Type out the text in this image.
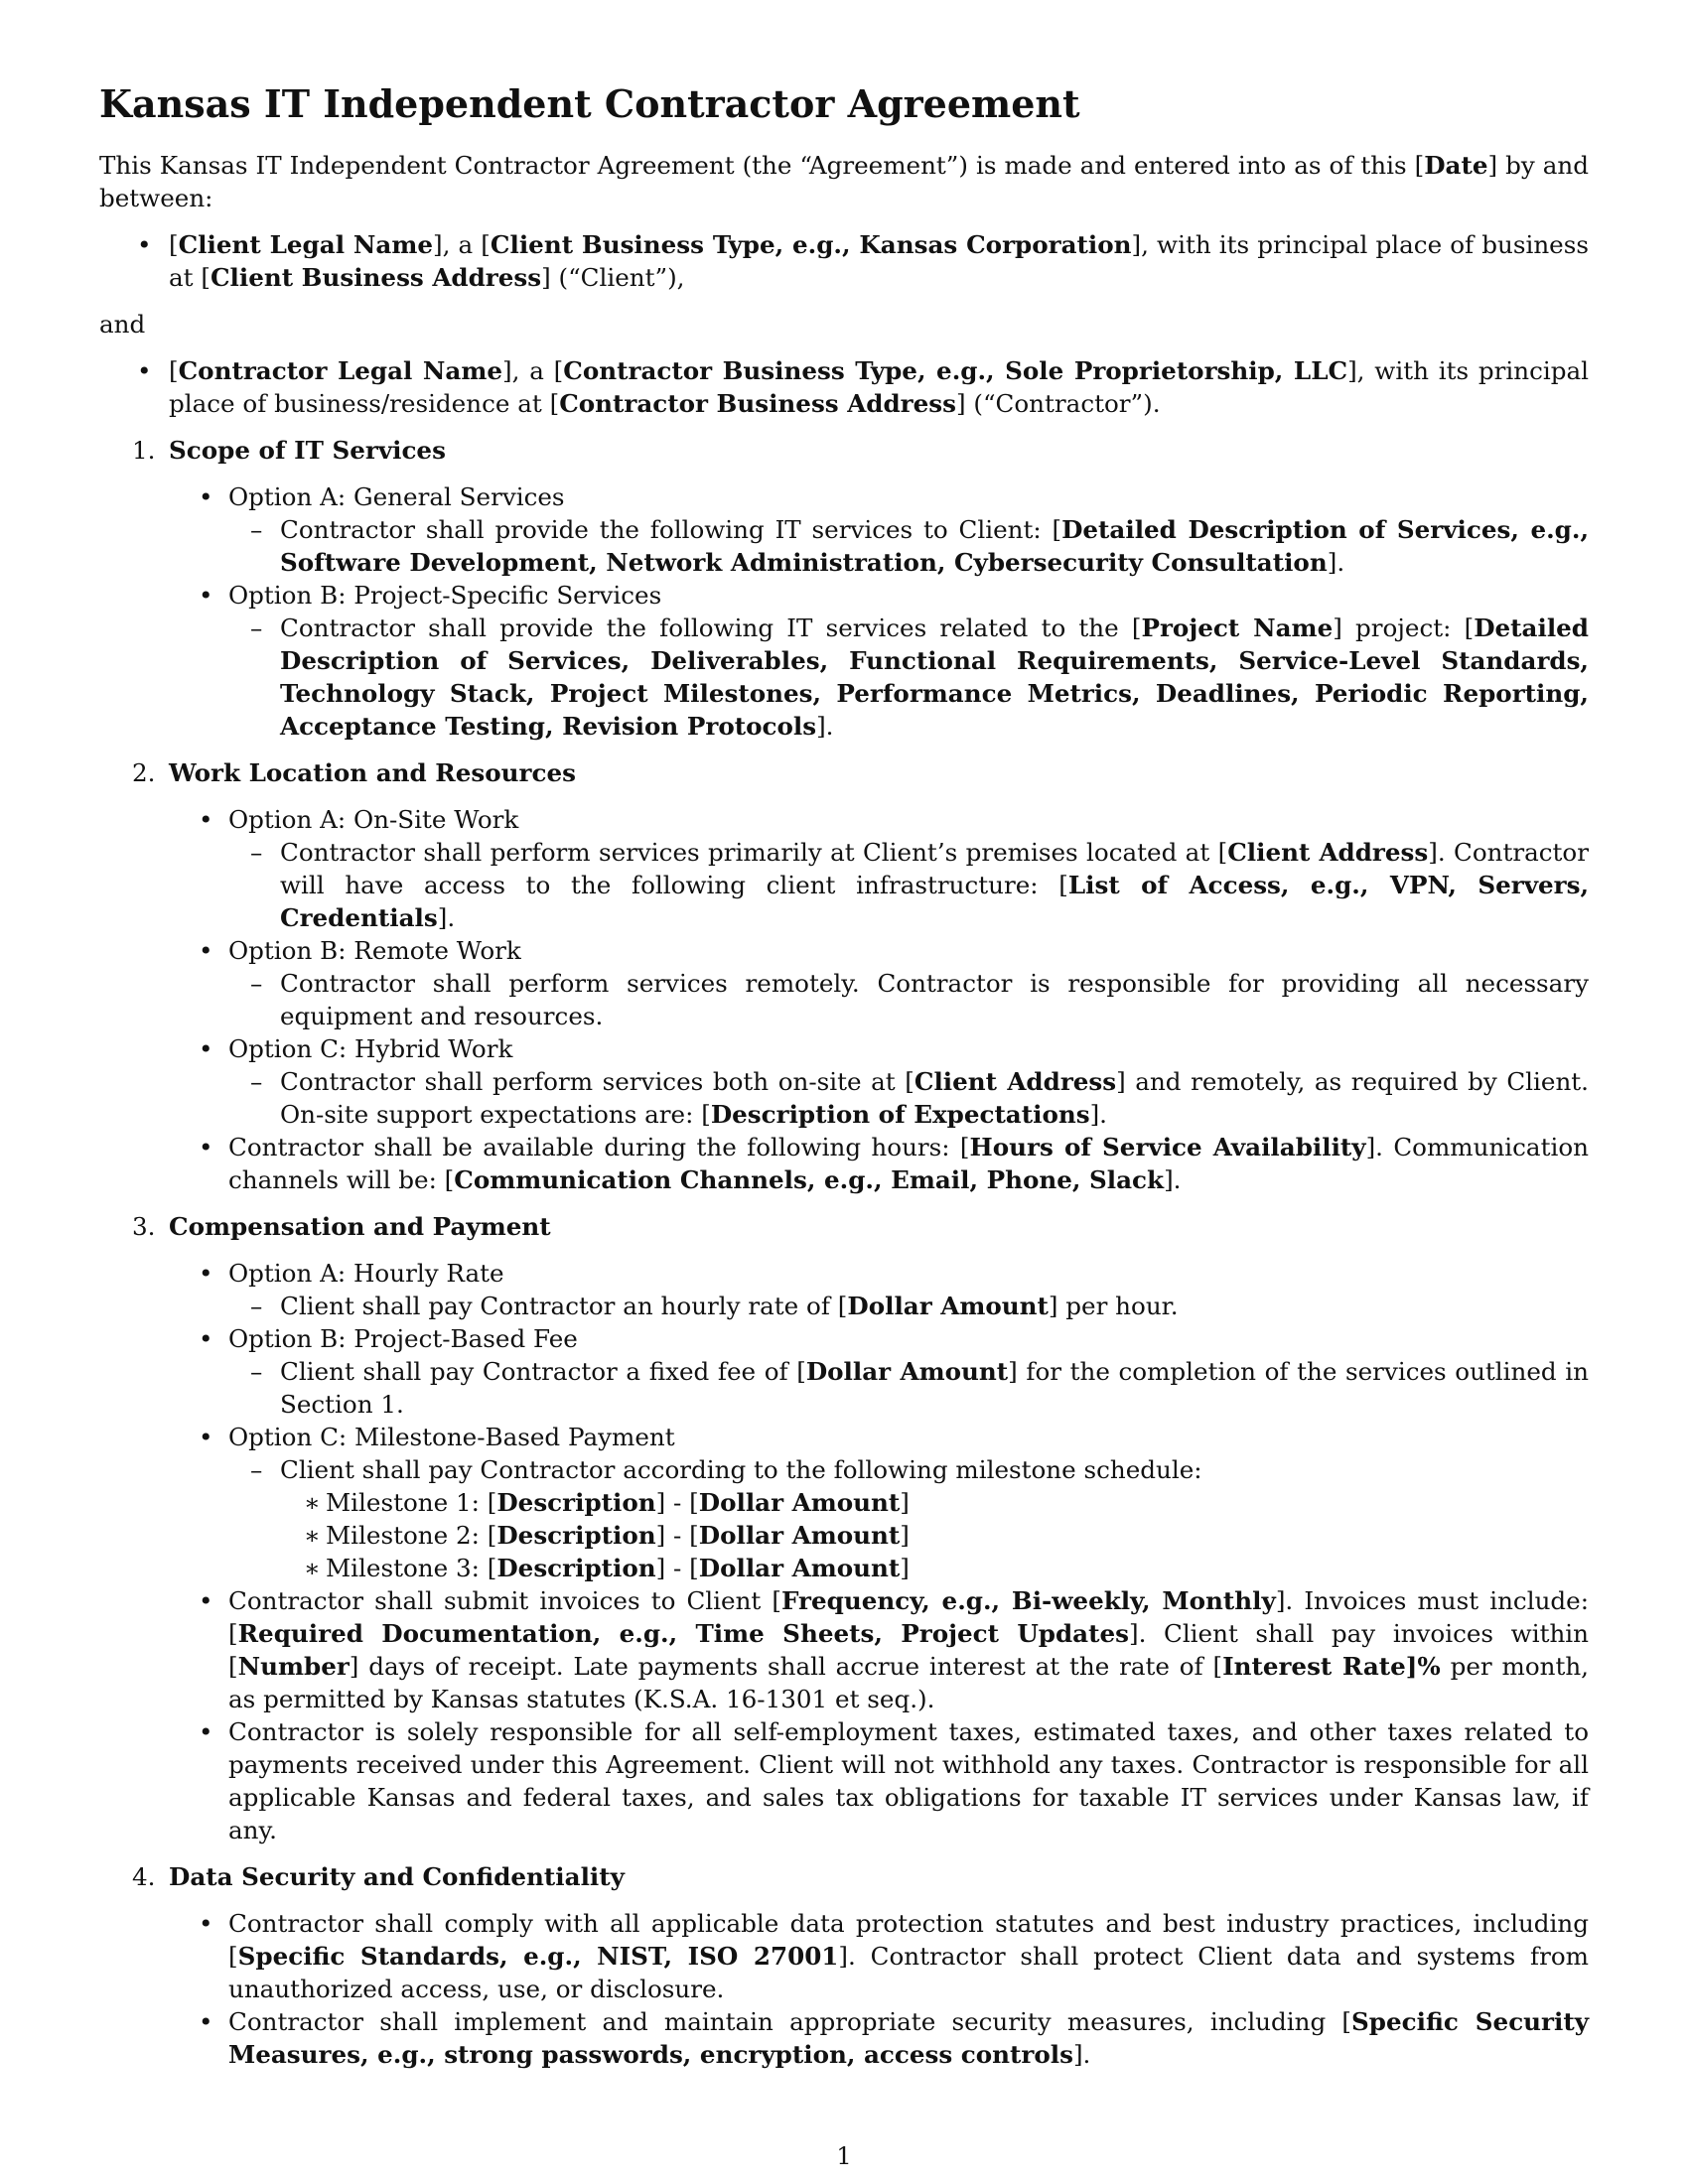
Kansas IT Independent Contractor Agreement

This Kansas IT Independent Contractor Agreement (the “Agreement”) is made and entered into as of this [Date] by and between:

• [Client Legal Name], a [Client Business Type, e.g., Kansas Corporation], with its principal place of business at [Client Business Address] (“Client”),

and

• [Contractor Legal Name], a [Contractor Business Type, e.g., Sole Proprietorship, LLC], with its principal place of business/residence at [Contractor Business Address] (“Contractor”).
1. Scope of IT Services
• Option A: General Services
– Contractor shall provide the following IT services to Client: [Detailed Description of Services, e.g., Software Development, Network Administration, Cybersecurity Consultation].
• Option B: Project-Specific Services
– Contractor shall provide the following IT services related to the [Project Name] project: [Detailed Description of Services, Deliverables, Functional Requirements, Service-Level Standards, Technology Stack, Project Milestones, Performance Metrics, Deadlines, Periodic Reporting, Acceptance Testing, Revision Protocols].
2. Work Location and Resources
• Option A: On-Site Work
– Contractor shall perform services primarily at Client’s premises located at [Client Address]. Contractor will have access to the following client infrastructure: [List of Access, e.g., VPN, Servers, Credentials].
• Option B: Remote Work
– Contractor shall perform services remotely. Contractor is responsible for providing all necessary equipment and resources.
• Option C: Hybrid Work
– Contractor shall perform services both on-site at [Client Address] and remotely, as required by Client. On-site support expectations are: [Description of Expectations].
• Contractor shall be available during the following hours: [Hours of Service Availability]. Communication channels will be: [Communication Channels, e.g., Email, Phone, Slack].
3. Compensation and Payment
• Option A: Hourly Rate
– Client shall pay Contractor an hourly rate of [Dollar Amount] per hour.
• Option B: Project-Based Fee
– Client shall pay Contractor a fixed fee of [Dollar Amount] for the completion of the services outlined in Section 1.
• Option C: Milestone-Based Payment
– Client shall pay Contractor according to the following milestone schedule:
∗ Milestone 1: [Description] - [Dollar Amount]
∗ Milestone 2: [Description] - [Dollar Amount]
∗ Milestone 3: [Description] - [Dollar Amount]
• Contractor shall submit invoices to Client [Frequency, e.g., Bi-weekly, Monthly]. Invoices must include: [Required Documentation, e.g., Time Sheets, Project Updates]. Client shall pay invoices within [Number] days of receipt. Late payments shall accrue interest at the rate of [Interest Rate]% per month, as permitted by Kansas statutes (K.S.A. 16-1301 et seq.).
• Contractor is solely responsible for all self-employment taxes, estimated taxes, and other taxes related to payments received under this Agreement. Client will not withhold any taxes. Contractor is responsible for all applicable Kansas and federal taxes, and sales tax obligations for taxable IT services under Kansas law, if any.
4. Data Security and Confidentiality
• Contractor shall comply with all applicable data protection statutes and best industry practices, including [Specific Standards, e.g., NIST, ISO 27001]. Contractor shall protect Client data and systems from unauthorized access, use, or disclosure.
• Contractor shall implement and maintain appropriate security measures, including [Specific Security Measures, e.g., strong passwords, encryption, access controls].
1
